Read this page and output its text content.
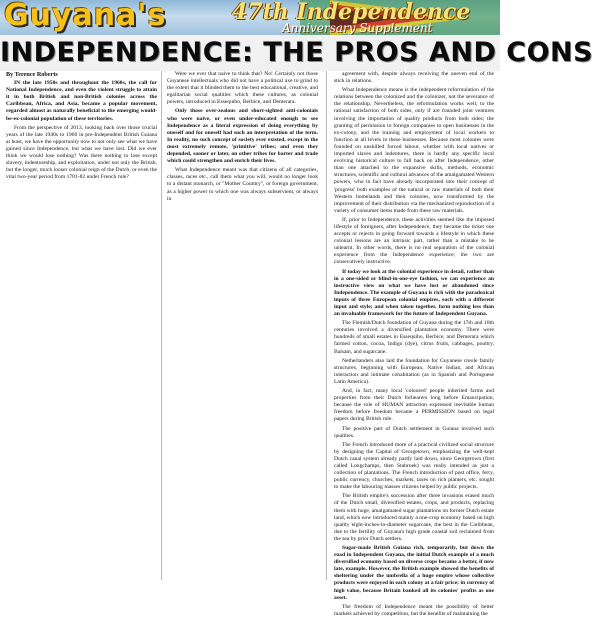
Guyana's	47th Independence
Anniversary Supplement
INDEPENDENCE: THE PROS AND CONS

By Terence Roberts

IN the late 1950s and throughout the 1960s, the call for National Independence, and even the violent struggle to attain it in both British and non-British colonies across the Caribbean, Africa, and Asia, became a popular movement, regarded almost as naturally beneficial to the emerging would-be-ex-colonial population of these territories.

From the perspective of 2013, looking back over those crucial years of the late 1940s to 1966 in pre-Independent British Guiana at least, we have the opportunity now to not only see what we have gained since Independence, but what we have lost. Did we ever think we would lose nothing? Was there nothing to lose except slavery, indentureship, and exploitation, under not only the British, but the longer, much looser colonial reign of the Dutch, or even the vital two-year period from 1781-82 under French rule?

Were we ever that naive to think that? No! Certainly not those Guyanese intellectuals who did not have a political axe to grind to the extent that it blinded them to the best educational, creative, and egalitarian social qualities which these cultures, as colonial powers, introduced in Essequibo, Berbice, and Demerara.

Only those over-zealous and short-sighted anti-colonials who were naive, or even under-educated enough to see Independence as a literal expression of doing everything by oneself and for oneself had such an interpretation of the term. In reality, no such concept of society ever existed, except in the most extremely remote, 'primitive' tribes; and even they depended, sooner or later, on other tribes for barter and trade which could strengthen and enrich their lives.

What Independence meant was that citizens of all categories, classes, races etc., call them what you will, would no longer look to a distant monarch, or "Mother Country", or foreign government, as a higher power to which one was always subservient, or always in

agreement with, despite always receiving the uneven end of the stick in relations.

What Independence means is the independent reformulation of the relations between the colonized and the colonizer, not the severance of the relationship. Nevertheless, the reformulation works well, to the rational satisfaction of both sides, only if are founded joint ventures involving the importation of quality products from both sides; the granting of permission to foreign companies to open businesses in the ex-colony, and the training and employment of local workers to function at all levels in these businesses. Because most colonies were founded on unskilled forced labour, whether with local natives or imported slaves and indentures, there is hardly any specific local evolving historical culture to fall back on after Independence, other than one attached to the expansive skills, methods, economic structures, scientific and cultural advances of the amalgamated Western powers, who in fact have already incorporated into their concept of 'progress' both examples of the natural or raw materials of both their Western homelands and their colonies, now transformed by the improvement of their distribution via the mechanized reproduction of a variety of consumer items made from these raw materials.

If, prior to Independence, these activities seemed like the imposed lifestyle of foreigners, after Independence, they became the ticket one accepts or rejects in going forward towards a lifestyle in which these colonial lessons are an intrinsic part, rather than a mistake to be unlearnt. In other words, there is no real separation of the colonial experience from the Independence experience; the two are consecutively instructive.

If today we look at the colonial experience in detail, rather than in a one-sided or blind-in-one-eye fashion, we can experience an instructive view on what we have lost or abandoned since Independence. The example of Guyana is rich with the paradoxical inputs of three European colonial empires, each with a different input and style; and when taken together, form nothing less than an invaluable framework for the future of Independent Guyana.

The Flemish/Dutch foundation of Guyana during the 17th and 18th centuries involved a diversified plantation economy. There were hundreds of small estates in Essequibo, Berbice, and Demerara which farmed cotton, cocoa, Indigo (dye), citrus fruits, cabbages, poultry, Balsam, and sugarcane.

Netherlanders also laid the foundation for Guyanese creole family structures, beginning with European, Native Indian, and African interaction and intimate cohabitation (as in Spanish and Portuguese Latin America).

And, in fact, many local 'coloured' people inherited farms and properties from their Dutch forbearers long before Emancipation, because the role of HUMAN attraction expressed inevitable human freedom before freedom became a PERMISSION based on legal papers during British rule.

The positive part of Dutch settlement in Guiana involved such qualities.

The French introduced more of a practical civilized social structure by designing the Capital of Georgetown, emphasizing the well-kept Dutch canal system already partly laid down, since Georgetown (first called Longchamps, then Stabroek) was really intended as just a collection of plantations. The French introduction of post office, ferry, public currency, churches, markets, taxes on rich planters, etc. sought to make the labouring masses citizens helped by public projects.

The British empire's succession after three invasions erased much of the Dutch small, diversified estates, crops, and products, replacing them with huge, amalgamated sugar plantations on former Dutch estate land, which now introduced mainly a one-crop economy based on high quality eight-inches-in-diameter sugarcane, the best in the Caribbean, due to the fertility of Guyana's high grade coastal soil reclaimed from the sea by prior Dutch settlers.

Sugar-made British Guiana rich, temporarily, but down the road in Independent Guyana, the initial Dutch example of a much diversified economy based on diverse crops became a better, if now late, example. However, the British example showed the benefits of sheltering under the umbrella of a huge empire whose collective products were enjoyed in each colony at a fair price; in currency of high value, because Britain banked all its colonies' profits as one asset.

The freedom of Independence meant the possibility of better markets achieved by competition, but the benefits of maintaining the
